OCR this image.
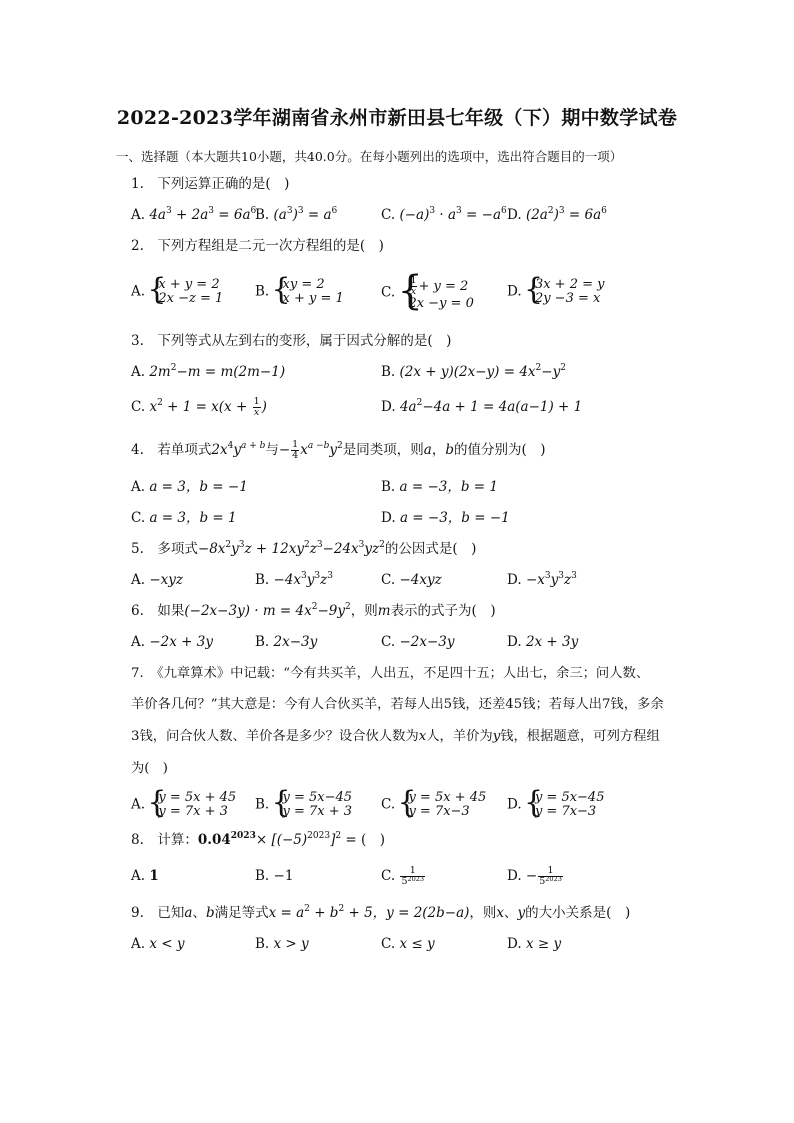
2022-2023学年湖南省永州市新田县七年级（下）期中数学试卷
一、选择题（本大题共10小题，共40.0分。在每小题列出的选项中，选出符合题目的一项）
1.　下列运算正确的是(　)
A. $4a^3 + 2a^3 = 6a^6$
B. $(a^3)^3 = a^6$	C. $(-a)^3 \cdot a^3 = -a^6$ D. $(2a^2)^3 = 6a^6$
2.　下列方程组是二元一次方程组的是(　)
A. { x + y = 2
2x −z = 1 B. { xy = 2
x + y = 1	C. { $\frac{1}{x} + y = 2$
2x −y = 0
D. { 3x + 2 = y
2y −3 = x
3.　下列等式从左到右的变形，属于因式分解的是(　)
A. $2m^2-m = m(2m-1)$	B. $(2x + y)(2x-y) = 4x^2-y^2$
C. $x^2 + 1 = x(x + \frac{1}{x}$ )	D. $4a^2-4a + 1 = 4a(a-1) + 1$
4.　若单项式$2x^4y^{a + b}$与− $\frac{1}{4} x^{a -b}y^2$是同类项，则a，b的值分别为(　)
A. a = 3，b = −1	B. a = −3，b = 1
C. a = 3，b = 1	D. a = −3，b = −1
5.　多项式$-8x^2y^3z + 12xy^2z^3-24x^3yz^2$的公因式是(　)
A. −xyz	B. $-4x^3y^3z^3$	C. −4xyz	D. $-x^3y^3z^3$
6.　如果$(-2x-3y) \cdot m = 4x^2-9y^2$，则m表示的式子为(　)
A. −2x + 3y	B. 2x−3y	C. −2x−3y	D. 2x + 3y
7.　《九章算术》中记载：“今有共买羊，人出五，不足四十五；人出七，余三；问人数、
羊价各几何？”其大意是：今有人合伙买羊，若每人出5钱，还差45钱；若每人出7钱，多余
3钱，问合伙人数、羊价各是多少？设合伙人数为x人，羊价为y钱，根据题意，可列方程组
为(　)
A. { y = 5x + 45
y = 7x + 3	B. { y = 5x−45
y = 7x + 3 C. { y = 5x + 45
y = 7x−3	D. { y = 5x−45
y = 7x−3
8.　计算：$0.04^{2023}\times [(-5)^{2023}]^2$ = (　)
A. 1	B. −1	C. $\frac{1}{5^{2023}}$	D. − $\frac{1}{5^{2023}}$
9.　已知a、b满足等式$x = a^2 + b^2 + 5$，y = 2(2b−a)，则x、y的大小关系是(　)
A. x < y	B. x > y	C. x ≤ y	D. x ≥ y
